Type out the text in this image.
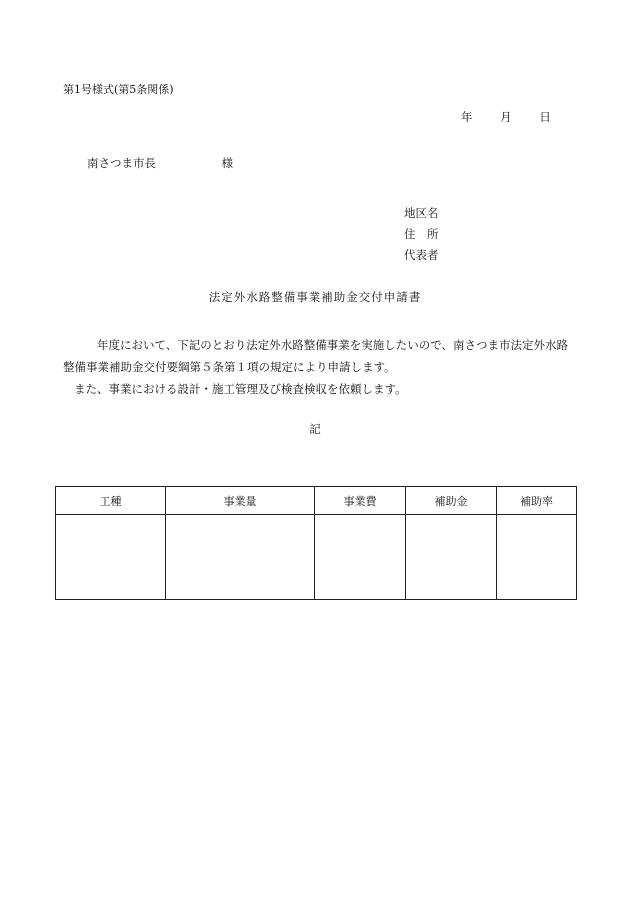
第1号様式(第5条関係)
年 月 日
南さつま市長	様
地区名
住　所
代表者
法定外水路整備事業補助金交付申請書

年度において、下記のとおり法定外水路整備事業を実施したいので、南さつま市法定外水路整備事業補助金交付要綱第５条第１項の規定により申請します。

また、事業における設計・施工管理及び検査検収を依頼します。

記
工種	事業量	事業費	補助金	補助率
